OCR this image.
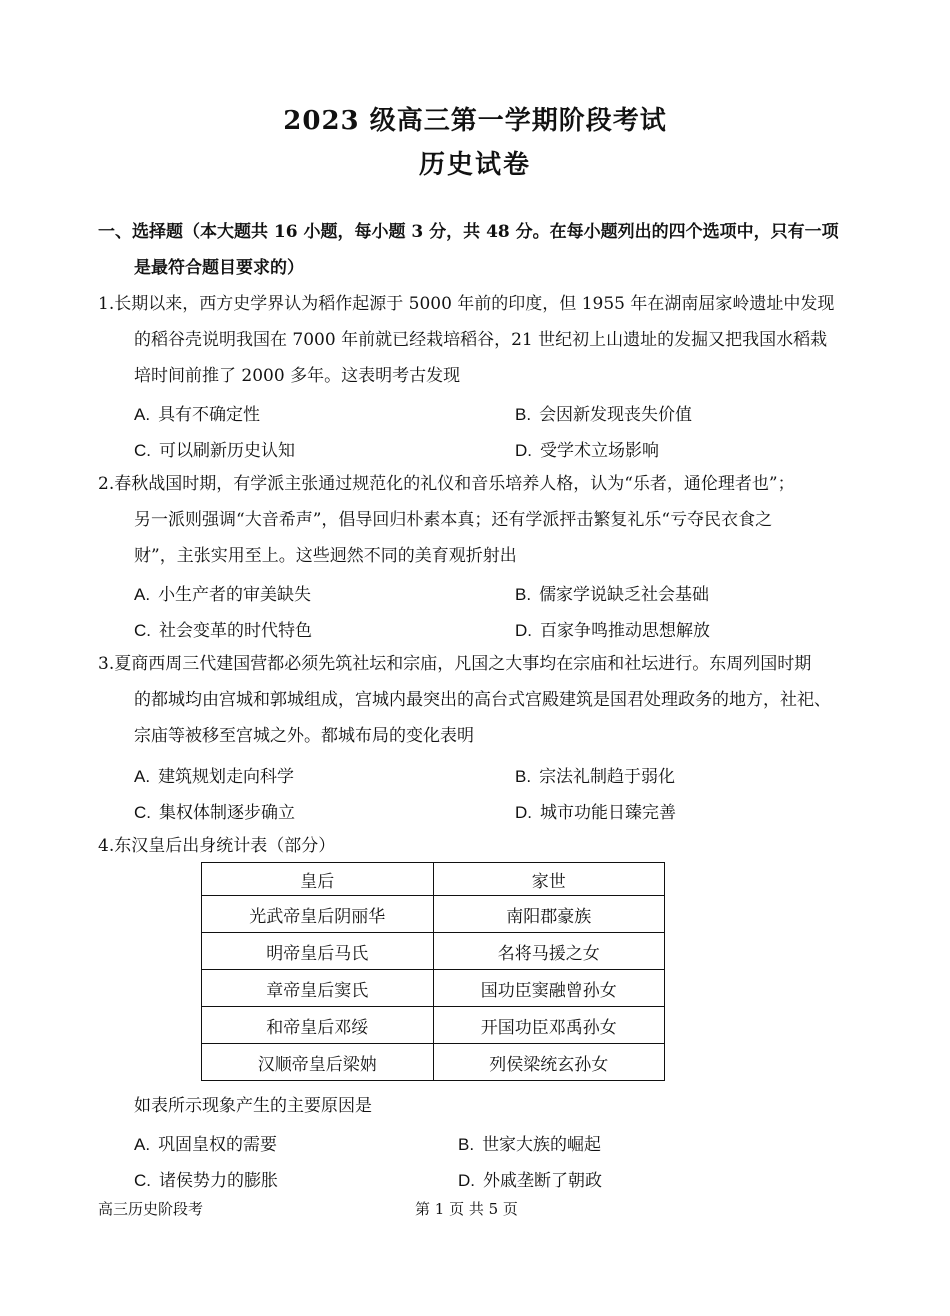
2023 级高三第一学期阶段考试
历史试卷
一、选择题（本大题共 16 小题，每小题 3 分，共 48 分。在每小题列出的四个选项中，只有一项
是最符合题目要求的）
1.长期以来，西方史学界认为稻作起源于 5000 年前的印度，但 1955 年在湖南屈家岭遗址中发现
的稻谷壳说明我国在 7000 年前就已经栽培稻谷，21 世纪初上山遗址的发掘又把我国水稻栽
培时间前推了 2000 多年。这表明考古发现
A. 具有不确定性	B. 会因新发现丧失价值
C. 可以刷新历史认知	D. 受学术立场影响
2.春秋战国时期，有学派主张通过规范化的礼仪和音乐培养人格，认为“乐者，通伦理者也”；
另一派则强调“大音希声”，倡导回归朴素本真；还有学派抨击繁复礼乐“亏夺民衣食之
财”，主张实用至上。这些迥然不同的美育观折射出
A. 小生产者的审美缺失	B. 儒家学说缺乏社会基础
C. 社会变革的时代特色	D. 百家争鸣推动思想解放
3.夏商西周三代建国营都必须先筑社坛和宗庙，凡国之大事均在宗庙和社坛进行。东周列国时期
的都城均由宫城和郭城组成，宫城内最突出的高台式宫殿建筑是国君处理政务的地方，社祀、
宗庙等被移至宫城之外。都城布局的变化表明
A. 建筑规划走向科学	B. 宗法礼制趋于弱化
C. 集权体制逐步确立	D. 城市功能日臻完善
4.东汉皇后出身统计表（部分）
皇后	家世
光武帝皇后阴丽华	南阳郡豪族
明帝皇后马氏	名将马援之女
章帝皇后窦氏	国功臣窦融曾孙女
和帝皇后邓绥	开国功臣邓禹孙女
汉顺帝皇后梁妠	列侯梁统玄孙女
如表所示现象产生的主要原因是
A. 巩固皇权的需要	B. 世家大族的崛起
C. 诸侯势力的膨胀	D. 外戚垄断了朝政
高三历史阶段考	第 1 页 共 5 页
